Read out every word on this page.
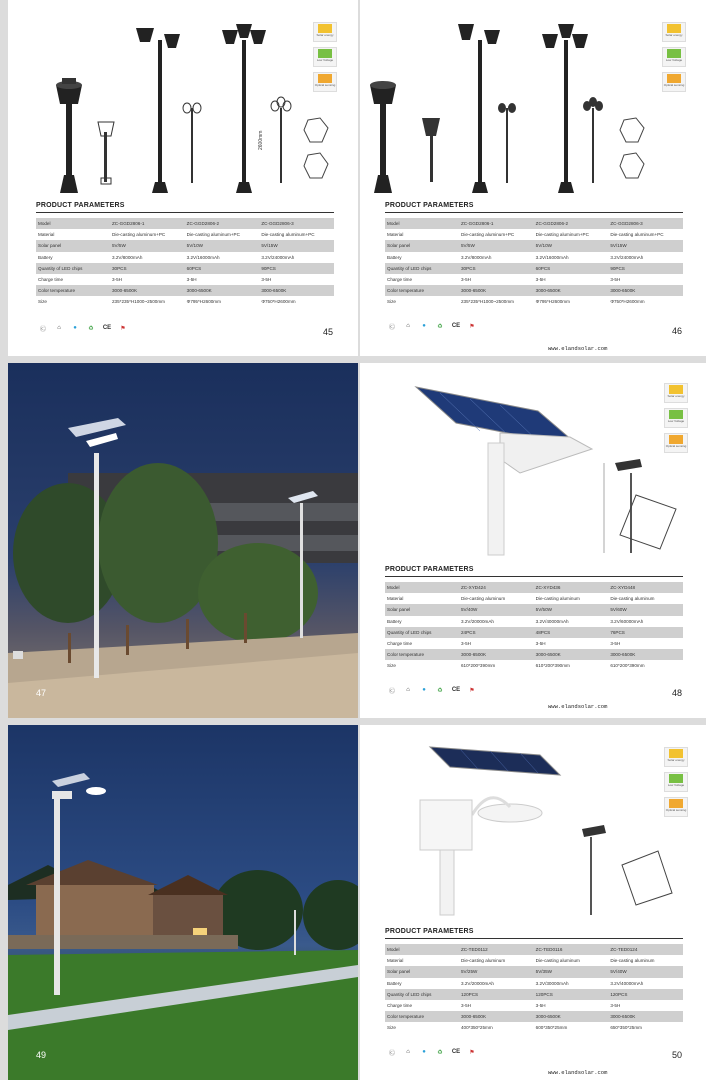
2600mm
Solar energy
Low Voltage
Optical sensing
PRODUCT PARAMETERS
Model	ZC-GGD2806-1	ZC-GGD2806-2	ZC-GGD2806-3
Material	Die-casting aluminum+PC	Die-casting aluminum+PC	Die-casting aluminum+PC
Solar panel	5V/5W	5V/10W	5V/15W
Battery	3.2V/8000mAh	3.2V/16000mAh	3.2V/24000mAh
Quantity of LED chips	30PCS	60PCS	90PCS
Charge time	3-5H	3-5H	3-5H
Color temperature	3000-6500K	3000-6500K	3000-6500K
Size	235*235*H1000~2500mm	Φ795*H2600mm	Φ750*H2600mm
Ⓒ	⌂	●	♻	CE	⚑	45
Solar energy
Low Voltage
Optical sensing
PRODUCT PARAMETERS
Model	ZC-GGD2806-1	ZC-GGD2806-2	ZC-GGD2806-3
Material	Die-casting aluminum+PC	Die-casting aluminum+PC	Die-casting aluminum+PC
Solar panel	5V/5W	5V/10W	5V/15W
Battery	3.2V/8000mAh	3.2V/16000mAh	3.2V/24000mAh
Quantity of LED chips	30PCS	60PCS	90PCS
Charge time	3-5H	3-5H	3-5H
Color temperature	3000-6500K	3000-6500K	3000-6500K
Size	235*235*H1000~2500mm	Φ795*H2600mm	Φ750*H2600mm
Ⓒ	⌂	●	♻	CE	⚑	46
www.elandsolar.com
47
Solar energy
Low Voltage
Optical sensing
PRODUCT PARAMETERS
Model	ZC-XYD424	ZC-XYD436	ZC-XYD448
Material	Die-casting aluminum	Die-casting aluminum	Die-casting aluminum
Solar panel	5V/40W	5V/50W	5V/60W
Battery	3.2V/20000mAh	3.2V/40000mAh	3.2V/60000mAh
Quantity of LED chips	24PCS	48PCS	76PCS
Charge time	3-5H	3-5H	3-5H
Color temperature	3000-6500K	3000-6500K	3000-6500K
Size	610*200*390mm	610*200*390mm	610*200*390mm
Ⓒ	⌂	●	♻	CE	⚑	48
www.elandsolar.com
49
Solar energy
Low Voltage
Optical sensing
PRODUCT PARAMETERS
Model	ZC-TED0112	ZC-TED0116	ZC-TED0124
Material	Die-casting aluminum	Die-casting aluminum	Die-casting aluminum
Solar panel	5V/25W	5V/35W	5V/40W
Battery	3.2V/20000mAh	3.2V/30000mAh	3.2V/40000mAh
Quantity of LED chips	120PCS	120PCS	120PCS
Charge time	3-5H	3-5H	3-5H
Color temperature	3000-6500K	3000-6500K	3000-6500K
Size	400*350*25mm	600*350*25mm	650*350*25mm
Ⓒ	⌂	●	♻	CE	⚑	50
www.elandsolar.com
